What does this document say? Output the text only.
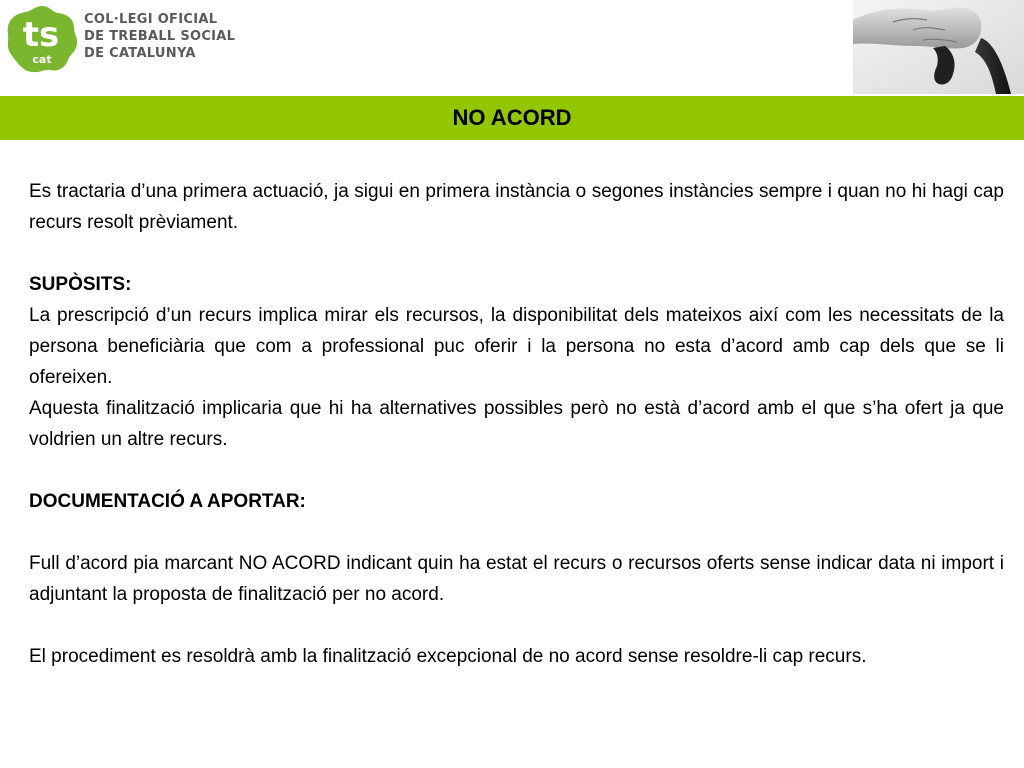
ts
cat
COL·LEGI OFICIAL
DE TREBALL SOCIAL
DE CATALUNYA
NO ACORD

Es tractaria d’una primera actuació, ja sigui en primera instància o segones instàncies sempre i quan no hi hagi cap recurs resolt prèviament.

SUPÒSITS:

La prescripció d’un recurs implica mirar els recursos, la disponibilitat dels mateixos així com les necessitats de la persona beneficiària que com a professional puc oferir i la persona no esta d’acord amb cap dels que se li ofereixen.

Aquesta finalització implicaria que hi ha alternatives possibles però no està d’acord amb el que s’ha ofert ja que voldrien un altre recurs.

DOCUMENTACIÓ A APORTAR:

Full d’acord pia marcant NO ACORD indicant quin ha estat el recurs o recursos oferts sense indicar data ni import i adjuntant la proposta de finalització per no acord.

El procediment es resoldrà amb la finalització excepcional de no acord sense resoldre-li cap recurs.
